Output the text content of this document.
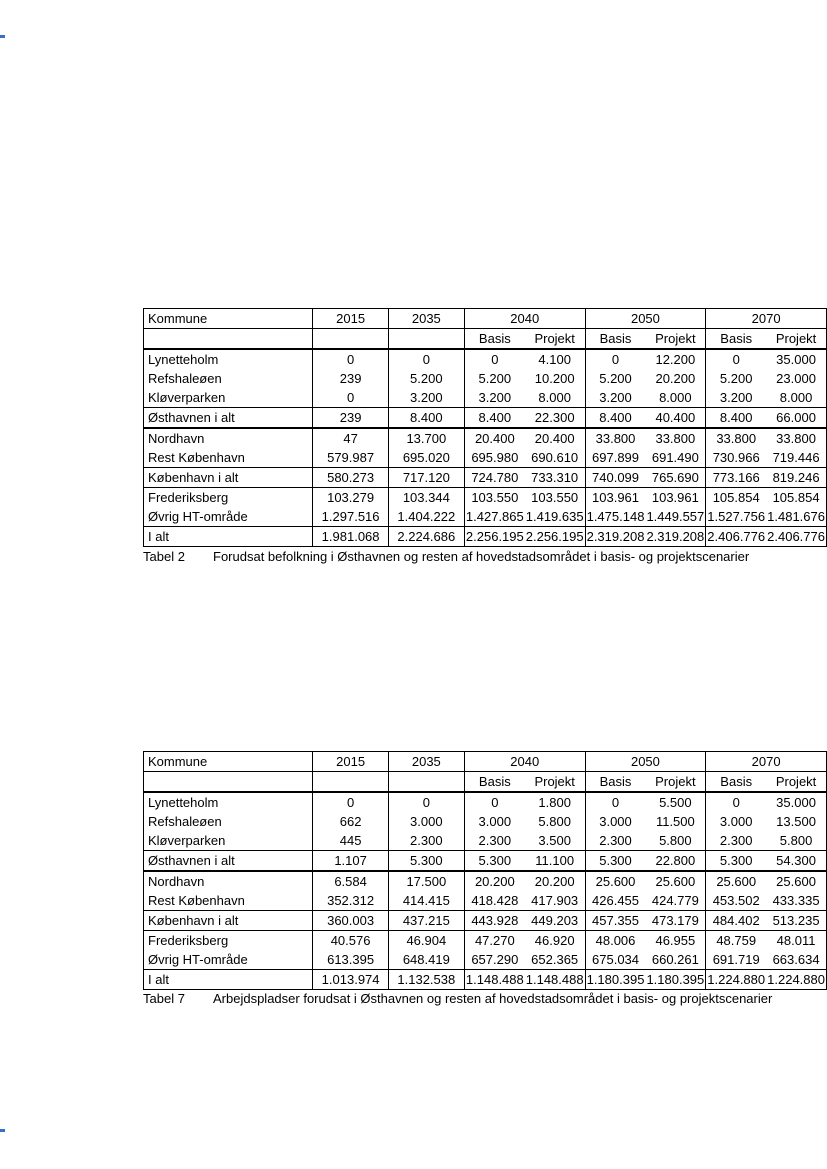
Kommune	2015	2035	2040		2050		2070	
			Basis	Projekt	Basis	Projekt	Basis	Projekt
Lynetteholm	0	0	0	4.100	0	12.200	0	35.000
Refshaleøen	239	5.200	5.200	10.200	5.200	20.200	5.200	23.000
Kløverparken	0	3.200	3.200	8.000	3.200	8.000	3.200	8.000
Østhavnen i alt	239	8.400	8.400	22.300	8.400	40.400	8.400	66.000
Nordhavn	47	13.700	20.400	20.400	33.800	33.800	33.800	33.800
Rest København	579.987	695.020	695.980	690.610	697.899	691.490	730.966	719.446
København i alt	580.273	717.120	724.780	733.310	740.099	765.690	773.166	819.246
Frederiksberg	103.279	103.344	103.550	103.550	103.961	103.961	105.854	105.854
Øvrig HT-område	1.297.516	1.404.222	1.427.865	1.419.635	1.475.148	1.449.557	1.527.756	1.481.676
I alt	1.981.068	2.224.686	2.256.195	2.256.195	2.319.208	2.319.208	2.406.776	2.406.776
Tabel 2 Forudsat befolkning i Østhavnen og resten af hovedstadsområdet i basis- og projektscenarier
Kommune	2015	2035	2040		2050		2070	
			Basis	Projekt	Basis	Projekt	Basis	Projekt
Lynetteholm	0	0	0	1.800	0	5.500	0	35.000
Refshaleøen	662	3.000	3.000	5.800	3.000	11.500	3.000	13.500
Kløverparken	445	2.300	2.300	3.500	2.300	5.800	2.300	5.800
Østhavnen i alt	1.107	5.300	5.300	11.100	5.300	22.800	5.300	54.300
Nordhavn	6.584	17.500	20.200	20.200	25.600	25.600	25.600	25.600
Rest København	352.312	414.415	418.428	417.903	426.455	424.779	453.502	433.335
København i alt	360.003	437.215	443.928	449.203	457.355	473.179	484.402	513.235
Frederiksberg	40.576	46.904	47.270	46.920	48.006	46.955	48.759	48.011
Øvrig HT-område	613.395	648.419	657.290	652.365	675.034	660.261	691.719	663.634
I alt	1.013.974	1.132.538	1.148.488	1.148.488	1.180.395	1.180.395	1.224.880	1.224.880
Tabel 7 Arbejdspladser forudsat i Østhavnen og resten af hovedstadsområdet i basis- og projektscenarier
